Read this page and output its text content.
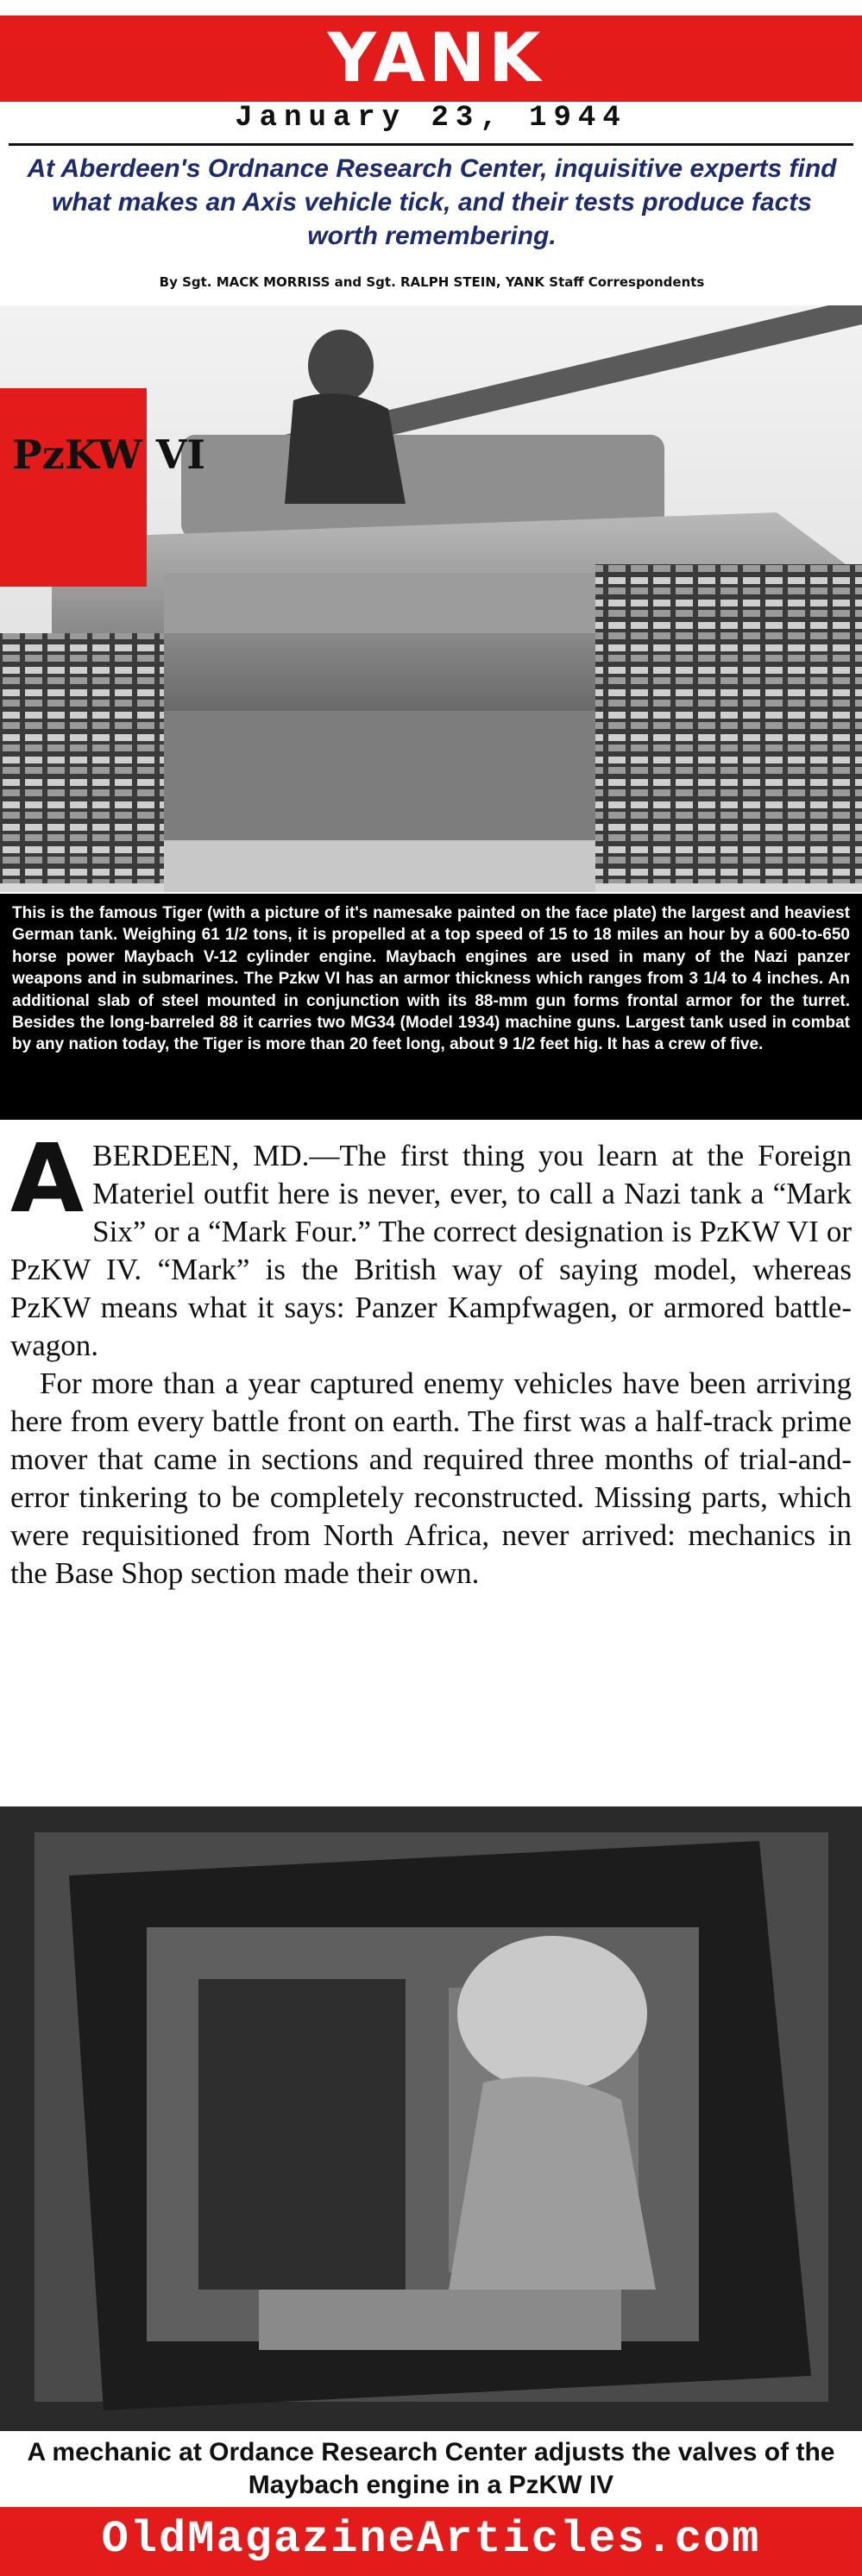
YANK
January 23, 1944
At Aberdeen's Ordnance Research Center, inquisitive experts find what makes an Axis vehicle tick, and their tests produce facts worth remembering.
By Sgt. MACK MORRISS and Sgt. RALPH STEIN, YANK Staff Correspondents
PzKW VI
This is the famous Tiger (with a picture of it's namesake painted on the face plate) the largest and heaviest German tank. Weighing 61 1/2 tons, it is propelled at a top speed of 15 to 18 miles an hour by a 600-to-650 horse power Maybach V-12 cylinder engine. Maybach engines are used in many of the Nazi panzer weapons and in submarines. The Pzkw VI has an armor thickness which ranges from 3 1/4 to 4 inches. An additional slab of steel mounted in conjunction with its 88-mm gun forms frontal armor for the turret. Besides the long-barreled 88 it carries two MG34 (Model 1934) machine guns. Largest tank used in combat by any nation today, the Tiger is more than 20 feet long, about 9 1/2 feet hig. It has a crew of five.

ABERDEEN, MD.—The first thing you learn at the Foreign Materiel outfit here is never, ever, to call a Nazi tank a “Mark Six” or a “Mark Four.” The correct designation is PzKW VI or PzKW IV. “Mark” is the British way of saying model, whereas PzKW means what it says: Panzer Kampfwagen, or armored battle-wagon.

For more than a year captured enemy vehicles have been arriving here from every battle front on earth. The first was a half-track prime mover that came in sections and required three months of trial-and-error tinkering to be completely reconstructed. Missing parts, which were requisitioned from North Africa, never arrived: mechanics in the Base Shop section made their own.

A mechanic at Ordance Research Center adjusts the valves of the Maybach engine in a PzKW IV
OldMagazineArticles.com
